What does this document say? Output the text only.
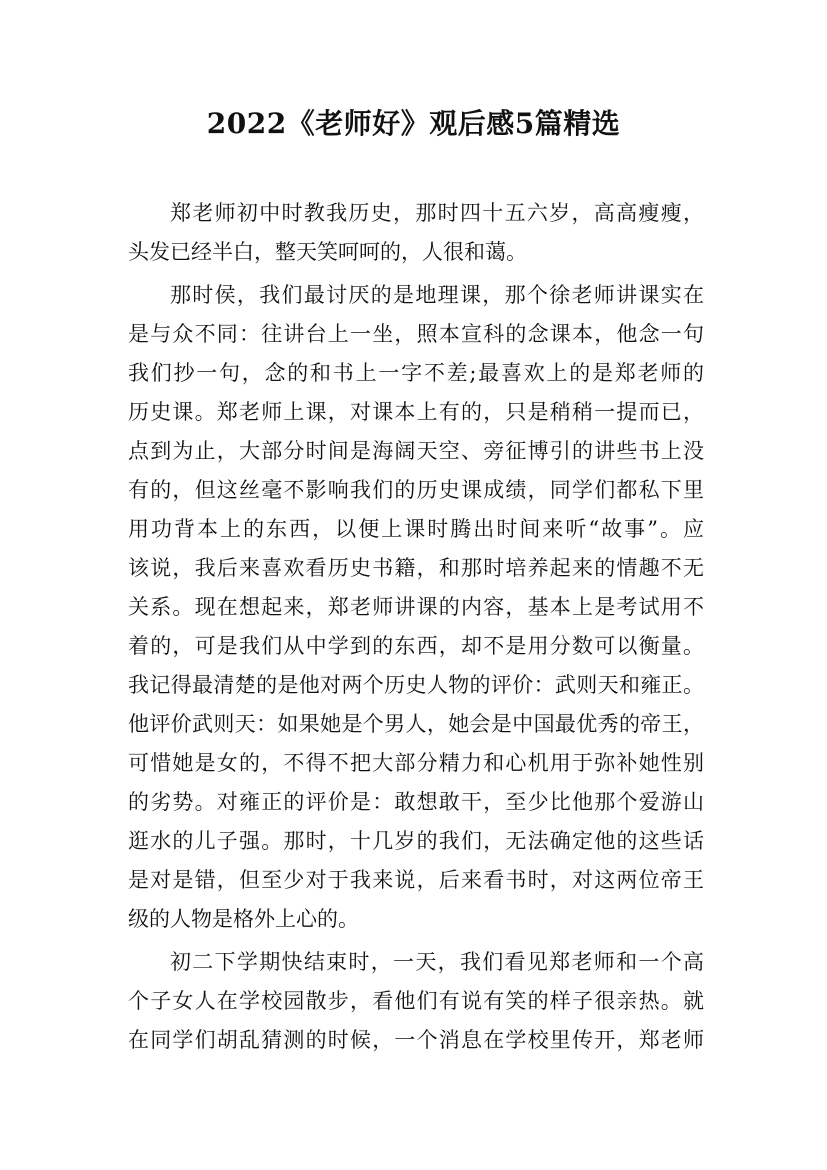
2022《老师好》观后感5篇精选
郑老师初中时教我历史，那时四十五六岁，高高瘦瘦，
头发已经半白，整天笑呵呵的，人很和蔼。
那时侯，我们最讨厌的是地理课，那个徐老师讲课实在
是与众不同：往讲台上一坐，照本宣科的念课本，他念一句
我们抄一句，念的和书上一字不差;最喜欢上的是郑老师的
历史课。郑老师上课，对课本上有的，只是稍稍一提而已，
点到为止，大部分时间是海阔天空、旁征博引的讲些书上没
有的，但这丝毫不影响我们的历史课成绩，同学们都私下里
用功背本上的东西，以便上课时腾出时间来听“故事”。应
该说，我后来喜欢看历史书籍，和那时培养起来的情趣不无
关系。现在想起来，郑老师讲课的内容，基本上是考试用不
着的，可是我们从中学到的东西，却不是用分数可以衡量。
我记得最清楚的是他对两个历史人物的评价：武则天和雍正。
他评价武则天：如果她是个男人，她会是中国最优秀的帝王，
可惜她是女的，不得不把大部分精力和心机用于弥补她性别
的劣势。对雍正的评价是：敢想敢干，至少比他那个爱游山
逛水的儿子强。那时，十几岁的我们，无法确定他的这些话
是对是错，但至少对于我来说，后来看书时，对这两位帝王
级的人物是格外上心的。
初二下学期快结束时，一天，我们看见郑老师和一个高
个子女人在学校园散步，看他们有说有笑的样子很亲热。就
在同学们胡乱猜测的时候，一个消息在学校里传开，郑老师
